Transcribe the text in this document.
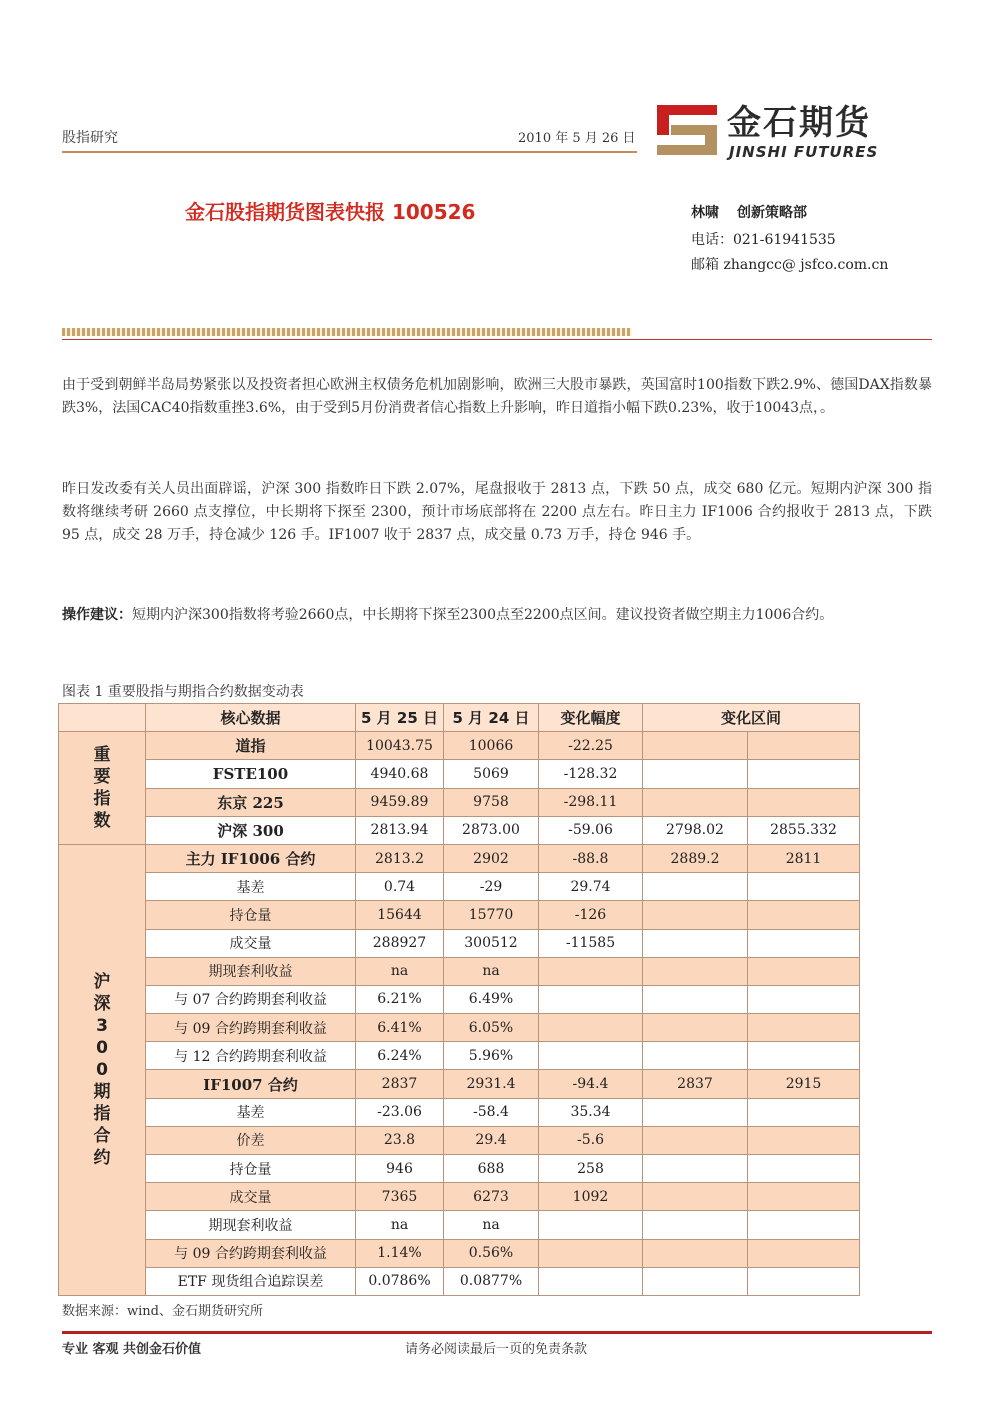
股指研究	2010 年 5 月 26 日	金石期货
JINSHI FUTURES
金石股指期货图表快报 100526	林啸 创新策略部
电话：021-61941535
邮箱 zhangcc@ jsfco.com.cn
由于受到朝鲜半岛局势紧张以及投资者担心欧洲主权债务危机加剧影响，欧洲三大股市暴跌，英国富时100指数下跌2.9%、德国DAX指数暴跌3%，法国CAC40指数重挫3.6%，由于受到5月份消费者信心指数上升影响，昨日道指小幅下跌0.23%，收于10043点，。
昨日发改委有关人员出面辟谣，沪深 300 指数昨日下跌 2.07%，尾盘报收于 2813 点，下跌 50 点，成交 680 亿元。短期内沪深 300 指数将继续考研 2660 点支撑位，中长期将下探至 2300，预计市场底部将在 2200 点左右。昨日主力 IF1006 合约报收于 2813 点，下跌 95 点，成交 28 万手，持仓减少 126 手。IF1007 收于 2837 点，成交量 0.73 万手，持仓 946 手。
操作建议：短期内沪深300指数将考验2660点，中长期将下探至2300点至2200点区间。建议投资者做空期主力1006合约。
图表 1 重要股指与期指合约数据变动表
	核心数据	5 月 25 日	5 月 24 日	变化幅度	变化区间	
重要指数	道指	10043.75	10066	-22.25		
	FSTE100	4940.68	5069	-128.32		
	东京 225	9459.89	9758	-298.11		
	沪深 300	2813.94	2873.00	-59.06	2798.02	2855.332
沪深300期指合约	主力 IF1006 合约	2813.2	2902	-88.8	2889.2	2811
	基差	0.74	-29	29.74		
	持仓量	15644	15770	-126		
	成交量	288927	300512	-11585		
	期现套利收益	na	na			
	与 07 合约跨期套利收益	6.21%	6.49%			
	与 09 合约跨期套利收益	6.41%	6.05%			
	与 12 合约跨期套利收益	6.24%	5.96%			
	IF1007 合约	2837	2931.4	-94.4	2837	2915
	基差	-23.06	-58.4	35.34		
	价差	23.8	29.4	-5.6		
	持仓量	946	688	258		
	成交量	7365	6273	1092		
	期现套利收益	na	na			
	与 09 合约跨期套利收益	1.14%	0.56%			
	ETF 现货组合追踪误差	0.0786%	0.0877%			
数据来源：wind、金石期货研究所
专业 客观 共创金石价值	请务必阅读最后一页的免责条款
